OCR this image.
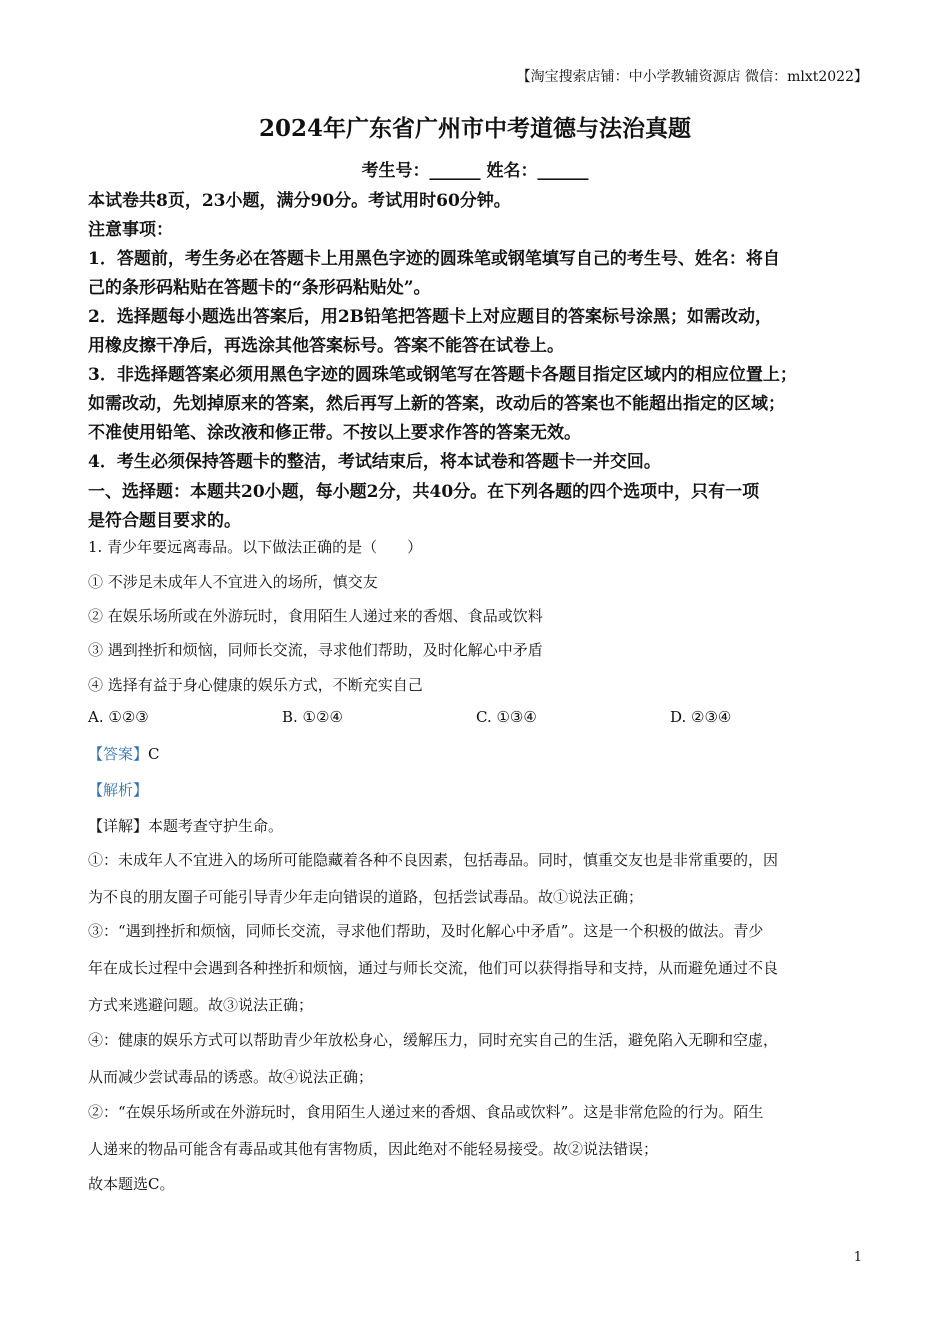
【淘宝搜索店铺：中小学教辅资源店 微信：mlxt2022】
2024年广东省广州市中考道德与法治真题
考生号：______ 姓名：______
本试卷共8页，23小题，满分90分。考试用时60分钟。
注意事项：
1．答题前，考生务必在答题卡上用黑色字迹的圆珠笔或钢笔填写自己的考生号、姓名：将自
己的条形码粘贴在答题卡的“条形码粘贴处”。
2．选择题每小题选出答案后，用2B铅笔把答题卡上对应题目的答案标号涂黑；如需改动，
用橡皮擦干净后，再选涂其他答案标号。答案不能答在试卷上。
3．非选择题答案必须用黑色字迹的圆珠笔或钢笔写在答题卡各题目指定区域内的相应位置上；
如需改动，先划掉原来的答案，然后再写上新的答案，改动后的答案也不能超出指定的区域；
不准使用铅笔、涂改液和修正带。不按以上要求作答的答案无效。
4．考生必须保持答题卡的整洁，考试结束后，将本试卷和答题卡一并交回。
一、选择题：本题共20小题，每小题2分，共40分。在下列各题的四个选项中，只有一项
是符合题目要求的。
1. 青少年要远离毒品。以下做法正确的是（　　）
① 不涉足未成年人不宜进入的场所，慎交友
② 在娱乐场所或在外游玩时，食用陌生人递过来的香烟、食品或饮料
③ 遇到挫折和烦恼，同师长交流，寻求他们帮助，及时化解心中矛盾
④ 选择有益于身心健康的娱乐方式，不断充实自己
A. ①②③	B. ①②④	C. ①③④	D. ②③④
【答案】C
【解析】
【详解】本题考查守护生命。
①：未成年人不宜进入的场所可能隐藏着各种不良因素，包括毒品。同时，慎重交友也是非常重要的，因
为不良的朋友圈子可能引导青少年走向错误的道路，包括尝试毒品。故①说法正确；
③：“遇到挫折和烦恼，同师长交流，寻求他们帮助，及时化解心中矛盾”。这是一个积极的做法。青少
年在成长过程中会遇到各种挫折和烦恼，通过与师长交流，他们可以获得指导和支持，从而避免通过不良
方式来逃避问题。故③说法正确；
④：健康的娱乐方式可以帮助青少年放松身心，缓解压力，同时充实自己的生活，避免陷入无聊和空虚，
从而减少尝试毒品的诱惑。故④说法正确；
②：“在娱乐场所或在外游玩时，食用陌生人递过来的香烟、食品或饮料”。这是非常危险的行为。陌生
人递来的物品可能含有毒品或其他有害物质，因此绝对不能轻易接受。故②说法错误；
故本题选C。
1
